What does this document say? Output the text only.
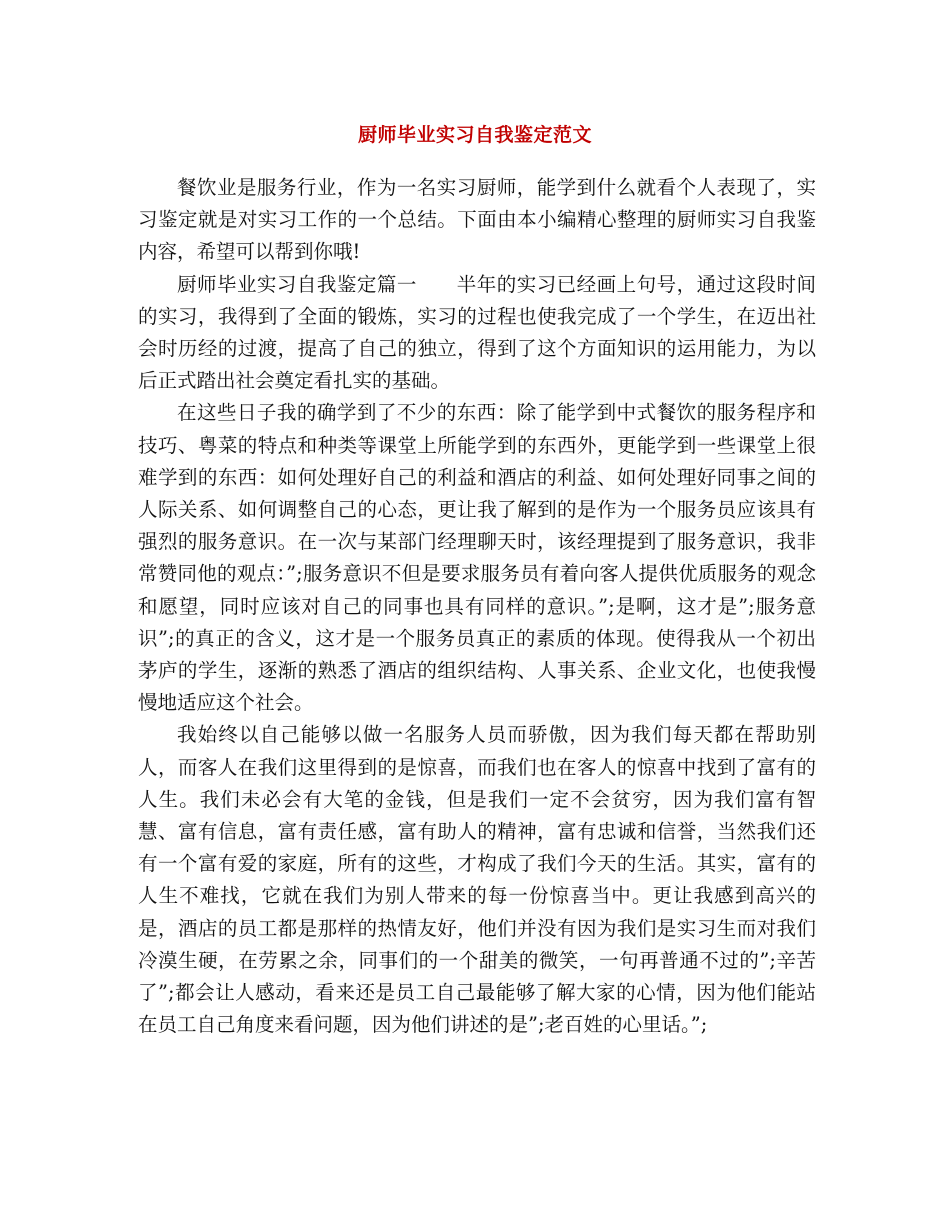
厨师毕业实习自我鉴定范文

餐饮业是服务行业，作为一名实习厨师，能学到什么就看个人表现了，实习鉴定就是对实习工作的一个总结。下面由本小编精心整理的厨师实习自我鉴内容，希望可以帮到你哦!

厨师毕业实习自我鉴定篇一　　半年的实习已经画上句号，通过这段时间的实习，我得到了全面的锻炼，实习的过程也使我完成了一个学生，在迈出社会时历经的过渡，提高了自己的独立，得到了这个方面知识的运用能力，为以后正式踏出社会奠定看扎实的基础。

在这些日子我的确学到了不少的东西：除了能学到中式餐饮的服务程序和技巧、粤菜的特点和种类等课堂上所能学到的东西外，更能学到一些课堂上很难学到的东西：如何处理好自己的利益和酒店的利益、如何处理好同事之间的人际关系、如何调整自己的心态，更让我了解到的是作为一个服务员应该具有强烈的服务意识。在一次与某部门经理聊天时，该经理提到了服务意识，我非常赞同他的观点：”;服务意识不但是要求服务员有着向客人提供优质服务的观念和愿望，同时应该对自己的同事也具有同样的意识。”;是啊，这才是”;服务意识”;的真正的含义，这才是一个服务员真正的素质的体现。使得我从一个初出茅庐的学生，逐渐的熟悉了酒店的组织结构、人事关系、企业文化，也使我慢慢地适应这个社会。

我始终以自己能够以做一名服务人员而骄傲，因为我们每天都在帮助别人，而客人在我们这里得到的是惊喜，而我们也在客人的惊喜中找到了富有的人生。我们未必会有大笔的金钱，但是我们一定不会贫穷，因为我们富有智慧、富有信息，富有责任感，富有助人的精神，富有忠诚和信誉，当然我们还有一个富有爱的家庭，所有的这些，才构成了我们今天的生活。其实，富有的人生不难找，它就在我们为别人带来的每一份惊喜当中。更让我感到高兴的是，酒店的员工都是那样的热情友好，他们并没有因为我们是实习生而对我们冷漠生硬，在劳累之余，同事们的一个甜美的微笑，一句再普通不过的”;辛苦了”;都会让人感动，看来还是员工自己最能够了解大家的心情，因为他们能站在员工自己角度来看问题，因为他们讲述的是”;老百姓的心里话。”;
